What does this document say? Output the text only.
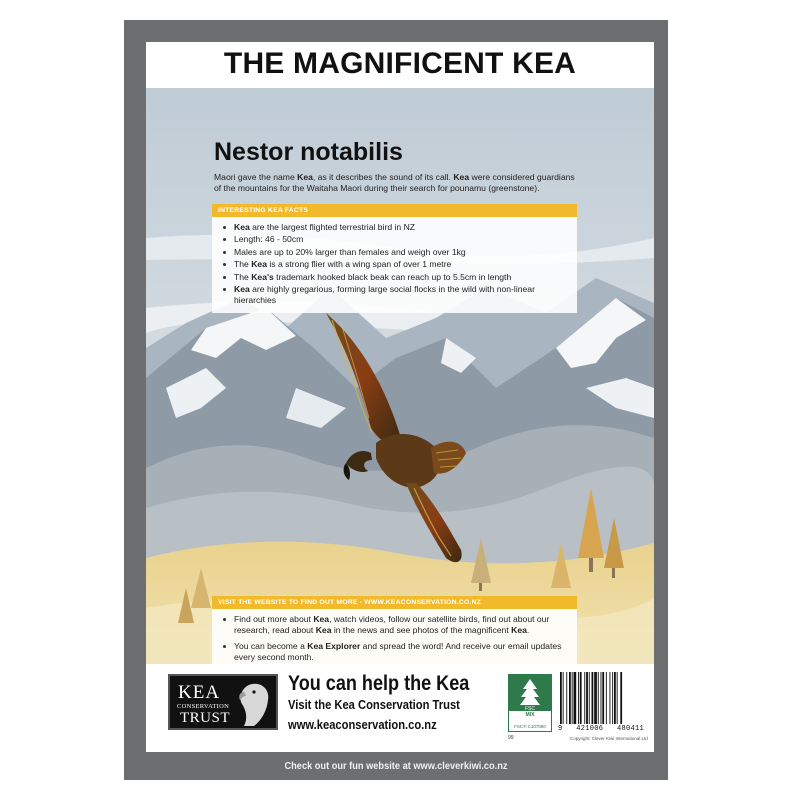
THE MAGNIFICENT KEA
Nestor notabilis
Maori gave the name Kea, as it describes the sound of its call. Kea were considered guardians of the mountains for the Waitaha Maori during their search for pounamu (greenstone).
INTERESTING KEA FACTS
Kea are the largest flighted terrestrial bird in NZ
Length: 46 - 50cm
Males are up to 20% larger than females and weigh over 1kg
The Kea is a strong flier with a wing span of over 1 metre
The Kea's trademark hooked black beak can reach up to 5.5cm in length
Kea are highly gregarious, forming large social flocks in the wild with non-linear hierarchies
VISIT THE WEBSITE TO FIND OUT MORE - WWW.KEACONSERVATION.CO.NZ
Find out more about Kea, watch videos, follow our satellite birds, find out about our research, read about Kea in the news and see photos of the magnificent Kea.
You can become a Kea Explorer and spread the word! And receive our email updates every second month.
KEA
CONSERVATION
TRUST
You can help the Kea
Visit the Kea Conservation Trust
www.keaconservation.co.nz
FSC
MIX
FSC® C107080
99
9 421006 480411
Copyright: Clever Kiwi International Ltd
Check out our fun website at www.cleverkiwi.co.nz
